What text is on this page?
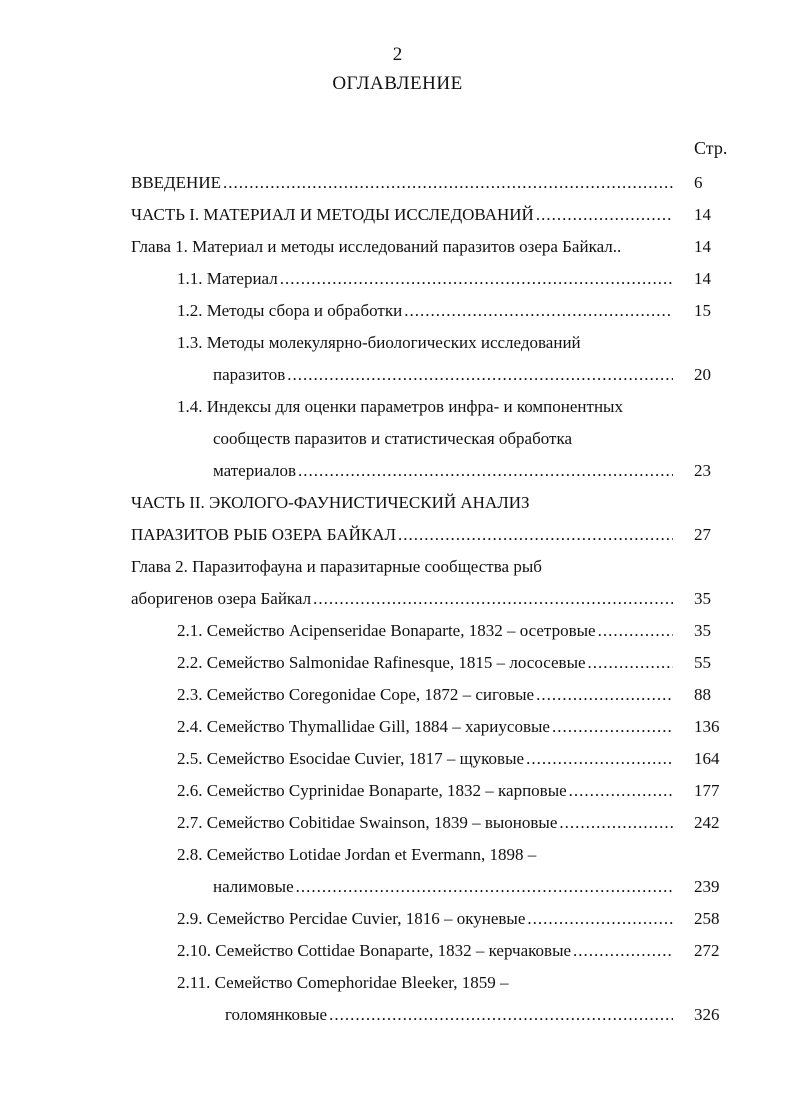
2
ОГЛАВЛЕНИЕ
Стр.
ВВЕДЕНИЕ .....	6
ЧАСТЬ I. МАТЕРИАЛ И МЕТОДЫ ИССЛЕДОВАНИЙ .....	14
Глава 1. Материал и методы исследований паразитов озера Байкал..	14
1.1. Материал .....	14
1.2. Методы сбора и обработки .....	15
1.3. Методы молекулярно-биологических исследований
паразитов .....	20
1.4. Индексы для оценки параметров инфра- и компонентных
сообществ паразитов и статистическая обработка
материалов .....	23
ЧАСТЬ II. ЭКОЛОГО-ФАУНИСТИЧЕСКИЙ АНАЛИЗ
ПАРАЗИТОВ РЫБ ОЗЕРА БАЙКАЛ .....	27
Глава 2. Паразитофауна и паразитарные сообщества рыб
аборигенов озера Байкал .....	35
2.1. Семейство Acipenseridae Bonaparte, 1832 – осетровые .....	35
2.2. Семейство Salmonidae Rafinesque, 1815 – лососевые .....	55
2.3. Семейство Coregonidae Cope, 1872 – сиговые .....	88
2.4. Семейство Thymallidae Gill, 1884 – хариусовые .....	136
2.5. Семейство Esocidae Cuvier, 1817 – щуковые .....	164
2.6. Семейство Cyprinidae Bonaparte, 1832 – карповые .....	177
2.7. Семейство Cobitidae Swainson, 1839 – выоновые .....	242
2.8. Семейство Lotidae Jordan et Evermann, 1898 –
налимовые .....	239
2.9. Семейство Percidae Cuvier, 1816 – окуневые .....	258
2.10. Семейство Cottidae Bonaparte, 1832 – керчаковые .....	272
2.11. Семейство Comephoridae Bleeker, 1859 –
голомянковые .....	326
